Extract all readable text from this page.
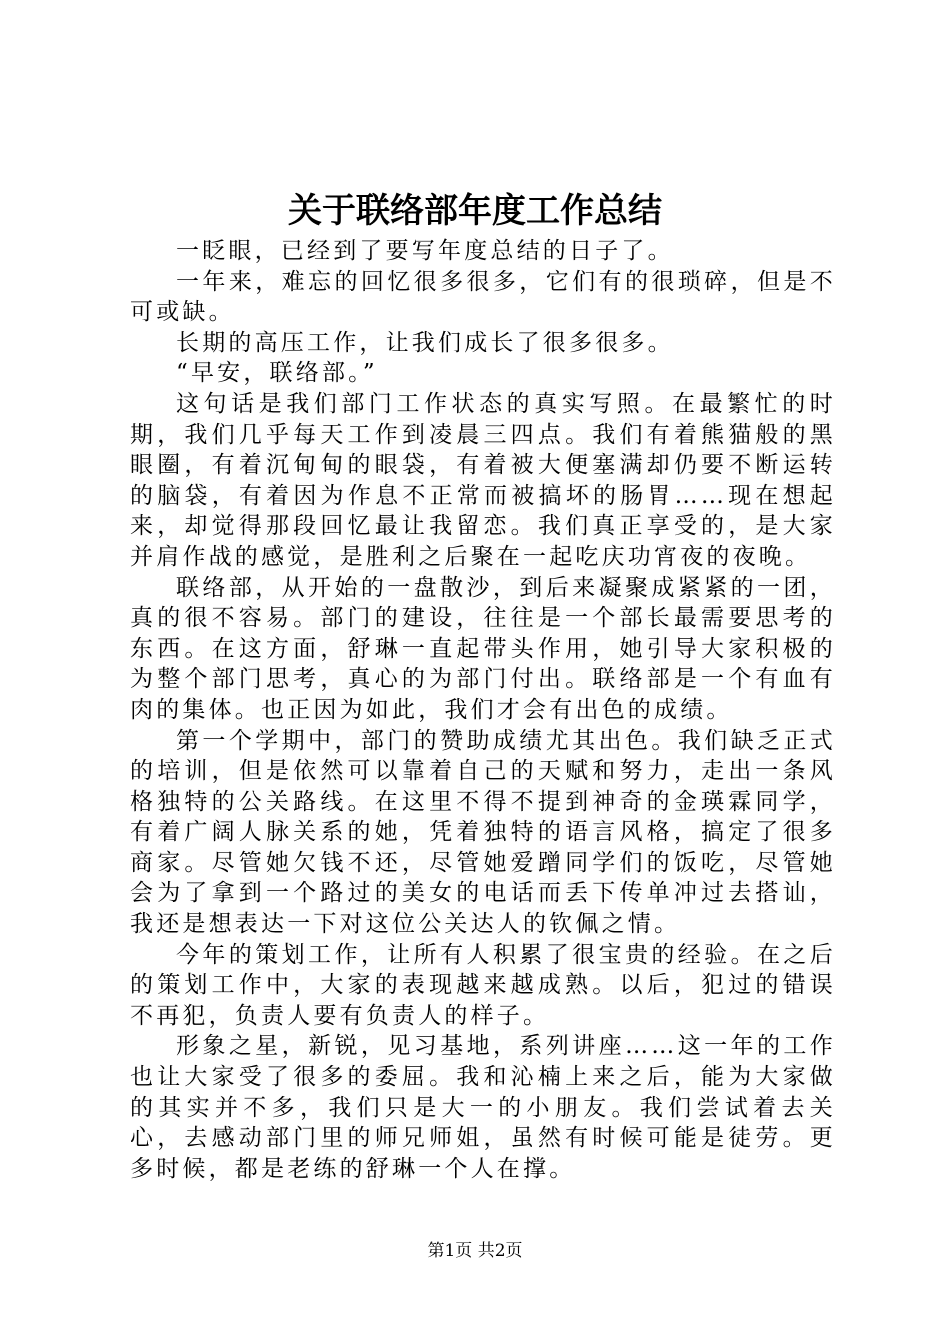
关于联络部年度工作总结

一眨眼，已经到了要写年度总结的日子了。

一年来，难忘的回忆很多很多，它们有的很琐碎，但是不可或缺。

长期的高压工作，让我们成长了很多很多。

“早安，联络部。”

这句话是我们部门工作状态的真实写照。在最繁忙的时期，我们几乎每天工作到凌晨三四点。我们有着熊猫般的黑眼圈，有着沉甸甸的眼袋，有着被大便塞满却仍要不断运转的脑袋，有着因为作息不正常而被搞坏的肠胃……现在想起来，却觉得那段回忆最让我留恋。我们真正享受的，是大家并肩作战的感觉，是胜利之后聚在一起吃庆功宵夜的夜晚。

联络部，从开始的一盘散沙，到后来凝聚成紧紧的一团，真的很不容易。部门的建设，往往是一个部长最需要思考的东西。在这方面，舒琳一直起带头作用，她引导大家积极的为整个部门思考，真心的为部门付出。联络部是一个有血有肉的集体。也正因为如此，我们才会有出色的成绩。

第一个学期中，部门的赞助成绩尤其出色。我们缺乏正式的培训，但是依然可以靠着自己的天赋和努力，走出一条风格独特的公关路线。在这里不得不提到神奇的金瑛霖同学，有着广阔人脉关系的她，凭着独特的语言风格，搞定了很多商家。尽管她欠钱不还，尽管她爱蹭同学们的饭吃，尽管她会为了拿到一个路过的美女的电话而丢下传单冲过去搭讪，我还是想表达一下对这位公关达人的钦佩之情。

今年的策划工作，让所有人积累了很宝贵的经验。在之后的策划工作中，大家的表现越来越成熟。以后，犯过的错误不再犯，负责人要有负责人的样子。

形象之星，新锐，见习基地，系列讲座……这一年的工作也让大家受了很多的委屈。我和沁楠上来之后，能为大家做的其实并不多，我们只是大一的小朋友。我们尝试着去关心，去感动部门里的师兄师姐，虽然有时候可能是徒劳。更多时候，都是老练的舒琳一个人在撑。

第1页 共2页
